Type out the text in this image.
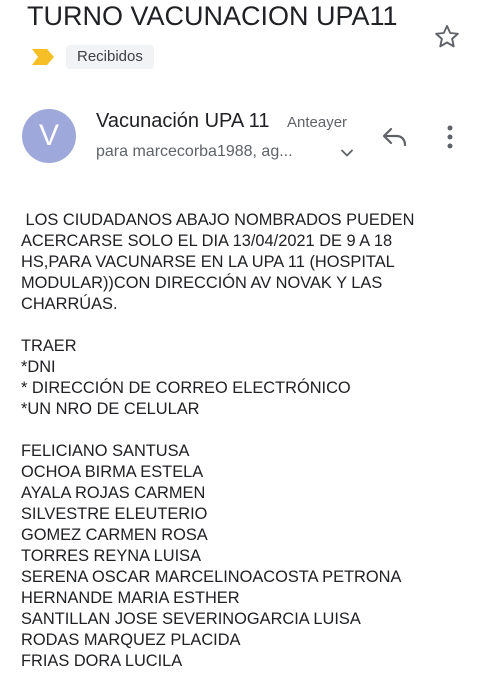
TURNO VACUNACION UPA11
Recibidos
V	Vacunación UPA 11 Anteayer
para marcecorba1988, ag...
LOS CIUDADANOS ABAJO NOMBRADOS PUEDEN
ACERCARSE SOLO EL DIA 13/04/2021 DE 9 A 18
HS,PARA VACUNARSE EN LA UPA 11 (HOSPITAL
MODULAR))CON DIRECCIÓN AV NOVAK Y LAS
CHARRÚAS.
TRAER
*DNI
* DIRECCIÓN DE CORREO ELECTRÓNICO
*UN NRO DE CELULAR
FELICIANO SANTUSA
OCHOA BIRMA ESTELA
AYALA ROJAS CARMEN
SILVESTRE ELEUTERIO
GOMEZ CARMEN ROSA
TORRES REYNA LUISA
SERENA OSCAR MARCELINOACOSTA PETRONA
HERNANDE MARIA ESTHER
SANTILLAN JOSE SEVERINOGARCIA LUISA
RODAS MARQUEZ PLACIDA
FRIAS DORA LUCILA
